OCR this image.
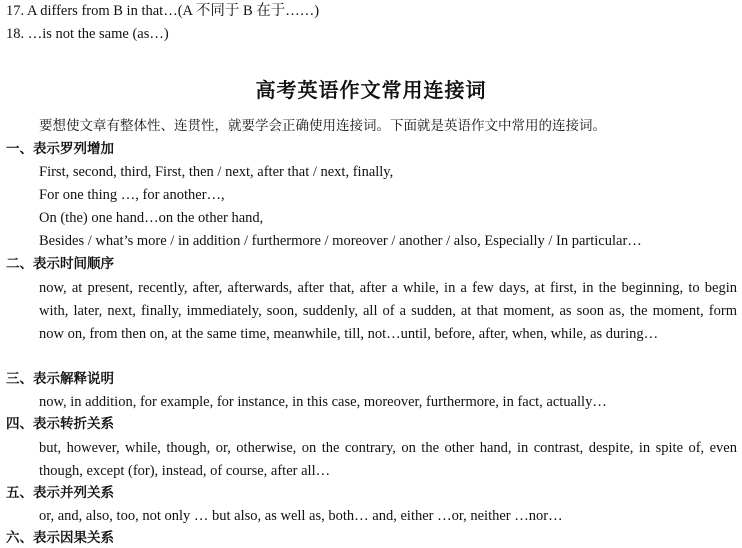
17. A differs from B in that…(A 不同于 B 在于……)
18. …is not the same (as…)
高考英语作文常用连接词
要想使文章有整体性、连贯性，就要学会正确使用连接词。下面就是英语作文中常用的连接词。
一、表示罗列增加
First, second, third, First, then / next, after that / next, finally,
For one thing …, for another…,
On (the) one hand…on the other hand,
Besides / what’s more / in addition / furthermore / moreover / another / also, Especially / In particular…
二、表示时间顺序
now, at present, recently, after, afterwards, after that, after a while, in a few days, at first, in the beginning, to begin with, later, next, finally, immediately, soon, suddenly, all of a sudden, at that moment, as soon as, the moment, form now on, from then on, at the same time, meanwhile, till, not…until, before, after, when, while, as during…
三、表示解释说明
now, in addition, for example, for instance, in this case, moreover, furthermore, in fact, actually…
四、表示转折关系
but, however, while, though, or, otherwise, on the contrary, on the other hand, in contrast, despite, in spite of, even though, except (for), instead, of course, after all…
五、表示并列关系
or, and, also, too, not only … but also, as well as, both… and, either …or, neither …nor…
六、表示因果关系
